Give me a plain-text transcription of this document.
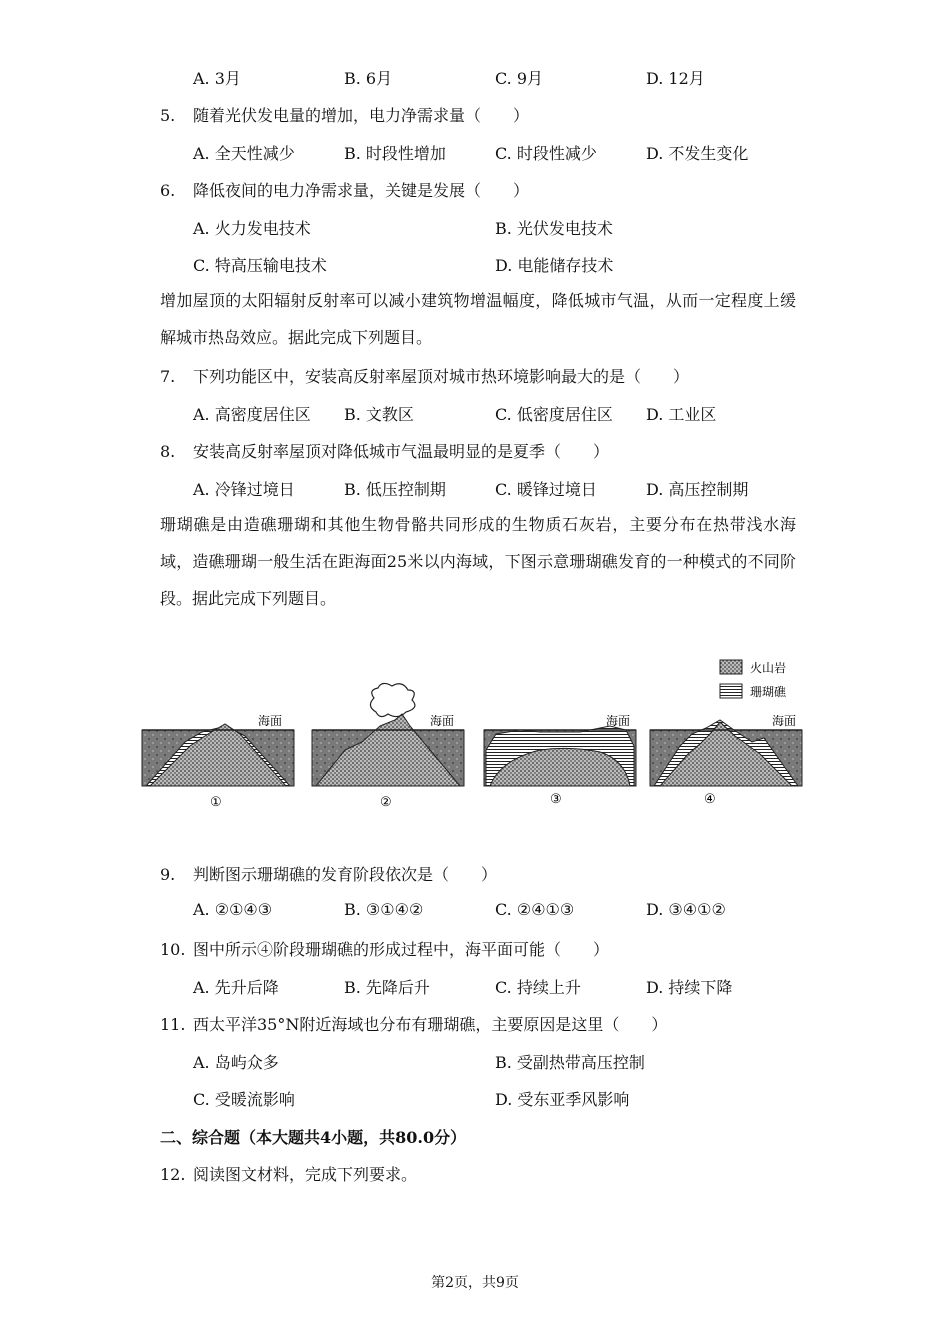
A. 3月	B. 6月	C. 9月	D. 12月
5. 随着光伏发电量的增加，电力净需求量（　　）
A. 全天性减少	B. 时段性增加	C. 时段性减少	D. 不发生变化
6. 降低夜间的电力净需求量，关键是发展（　　）
A. 火力发电技术	B. 光伏发电技术
C. 特高压输电技术	D. 电能储存技术
增加屋顶的太阳辐射反射率可以减小建筑物增温幅度，降低城市气温，从而一定程度上缓解城市热岛效应。据此完成下列题目。
7. 下列功能区中，安装高反射率屋顶对城市热环境影响最大的是（　　）
A. 高密度居住区 B. 文教区	C. 低密度居住区 D. 工业区
8. 安装高反射率屋顶对降低城市气温最明显的是夏季（　　）
A. 冷锋过境日	B. 低压控制期	C. 暖锋过境日	D. 高压控制期
珊瑚礁是由造礁珊瑚和其他生物骨骼共同形成的生物质石灰岩，主要分布在热带浅水海域，造礁珊瑚一般生活在距海面25米以内海域，下图示意珊瑚礁发育的一种模式的不同阶段。据此完成下列题目。
火山岩
珊瑚礁
海面
①
海面
②
海面
③
海面
④
9. 判断图示珊瑚礁的发育阶段依次是（　　）
A. ②①④③	B. ③①④②	C. ②④①③	D. ③④①②
10. 图中所示④阶段珊瑚礁的形成过程中，海平面可能（　　）
A. 先升后降	B. 先降后升	C. 持续上升	D. 持续下降
11. 西太平洋35°N附近海域也分布有珊瑚礁，主要原因是这里（　　）
A. 岛屿众多	B. 受副热带高压控制
C. 受暖流影响	D. 受东亚季风影响
二、综合题（本大题共4小题，共80.0分）
12. 阅读图文材料，完成下列要求。
第2页，共9页
